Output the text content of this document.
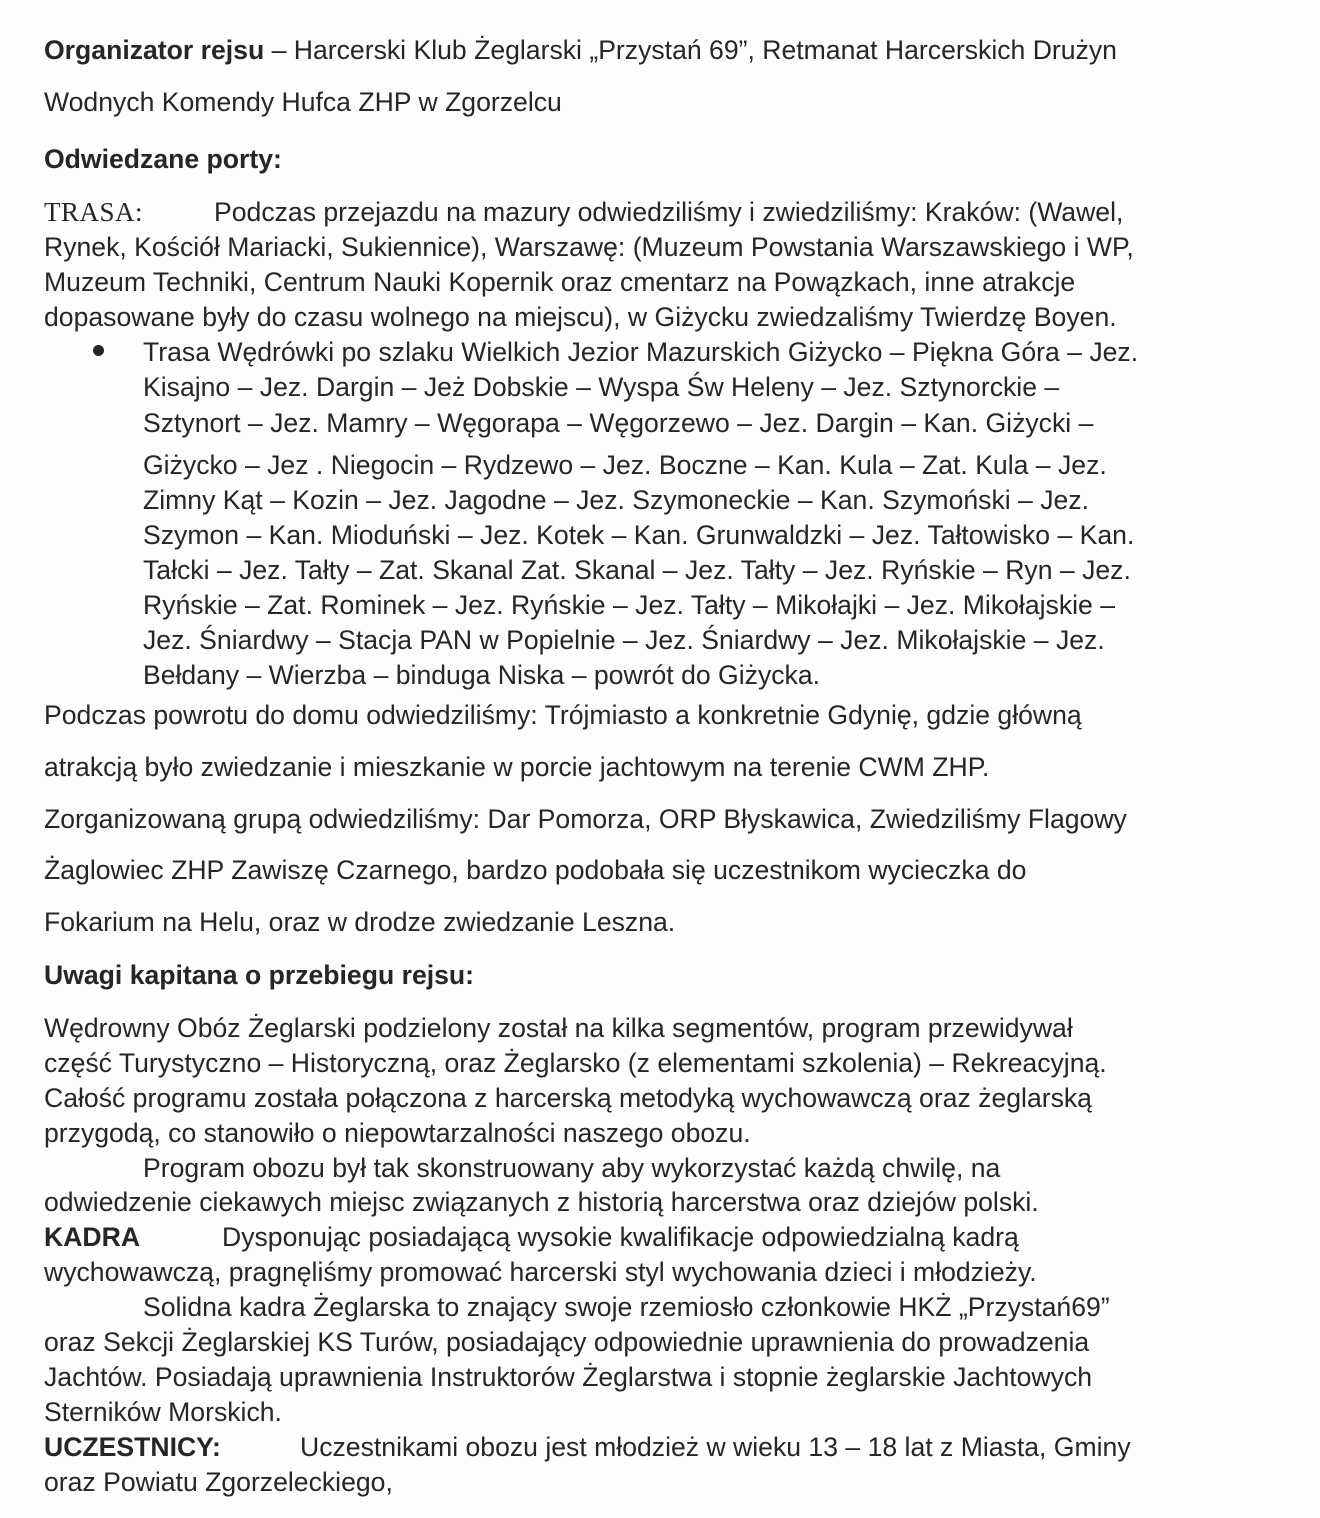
Organizator rejsu – Harcerski Klub Żeglarski „Przystań 69”, Retmanat Harcerskich Drużyn
Wodnych Komendy Hufca ZHP w Zgorzelcu
Odwiedzane porty:
TRASA:	Podczas przejazdu na mazury odwiedziliśmy i zwiedziliśmy: Kraków: (Wawel,
Rynek, Kościół Mariacki, Sukiennice), Warszawę: (Muzeum Powstania Warszawskiego i WP,
Muzeum Techniki, Centrum Nauki Kopernik oraz cmentarz na Powązkach, inne atrakcje
dopasowane były do czasu wolnego na miejscu), w Giżycku zwiedzaliśmy Twierdzę Boyen.
Trasa Wędrówki po szlaku Wielkich Jezior Mazurskich Giżycko – Piękna Góra – Jez.
Kisajno – Jez. Dargin – Jeż Dobskie – Wyspa Św Heleny – Jez. Sztynorckie –
Sztynort – Jez. Mamry – Węgorapa – Węgorzewo – Jez. Dargin – Kan. Giżycki –
Giżycko – Jez . Niegocin – Rydzewo – Jez. Boczne – Kan. Kula – Zat. Kula – Jez.
Zimny Kąt – Kozin – Jez. Jagodne – Jez. Szymoneckie – Kan. Szymoński – Jez.
Szymon – Kan. Mioduński – Jez. Kotek – Kan. Grunwaldzki – Jez. Tałtowisko – Kan.
Tałcki – Jez. Tałty – Zat. Skanal Zat. Skanal – Jez. Tałty – Jez. Ryńskie – Ryn – Jez.
Ryńskie – Zat. Rominek – Jez. Ryńskie – Jez. Tałty – Mikołajki – Jez. Mikołajskie –
Jez. Śniardwy – Stacja PAN w Popielnie – Jez. Śniardwy – Jez. Mikołajskie – Jez.
Bełdany – Wierzba – binduga Niska – powrót do Giżycka.
Podczas powrotu do domu odwiedziliśmy: Trójmiasto a konkretnie Gdynię, gdzie główną
atrakcją było zwiedzanie i mieszkanie w porcie jachtowym na terenie CWM ZHP.
Zorganizowaną grupą odwiedziliśmy: Dar Pomorza, ORP Błyskawica, Zwiedziliśmy Flagowy
Żaglowiec ZHP Zawiszę Czarnego, bardzo podobała się uczestnikom wycieczka do
Fokarium na Helu, oraz w drodze zwiedzanie Leszna.
Uwagi kapitana o przebiegu rejsu:
Wędrowny Obóz Żeglarski podzielony został na kilka segmentów, program przewidywał
część Turystyczno – Historyczną, oraz Żeglarsko (z elementami szkolenia) – Rekreacyjną.
Całość programu została połączona z harcerską metodyką wychowawczą oraz żeglarską
przygodą, co stanowiło o niepowtarzalności naszego obozu.
Program obozu był tak skonstruowany aby wykorzystać każdą chwilę, na
odwiedzenie ciekawych miejsc związanych z historią harcerstwa oraz dziejów polski.
KADRA	Dysponując posiadającą wysokie kwalifikacje odpowiedzialną kadrą
wychowawczą, pragnęliśmy promować harcerski styl wychowania dzieci i młodzieży.
Solidna kadra Żeglarska to znający swoje rzemiosło członkowie HKŻ „Przystań69”
oraz Sekcji Żeglarskiej KS Turów, posiadający odpowiednie uprawnienia do prowadzenia
Jachtów. Posiadają uprawnienia Instruktorów Żeglarstwa i stopnie żeglarskie Jachtowych
Sterników Morskich.
UCZESTNICY:	Uczestnikami obozu jest młodzież w wieku 13 – 18 lat z Miasta, Gminy
oraz Powiatu Zgorzeleckiego,
